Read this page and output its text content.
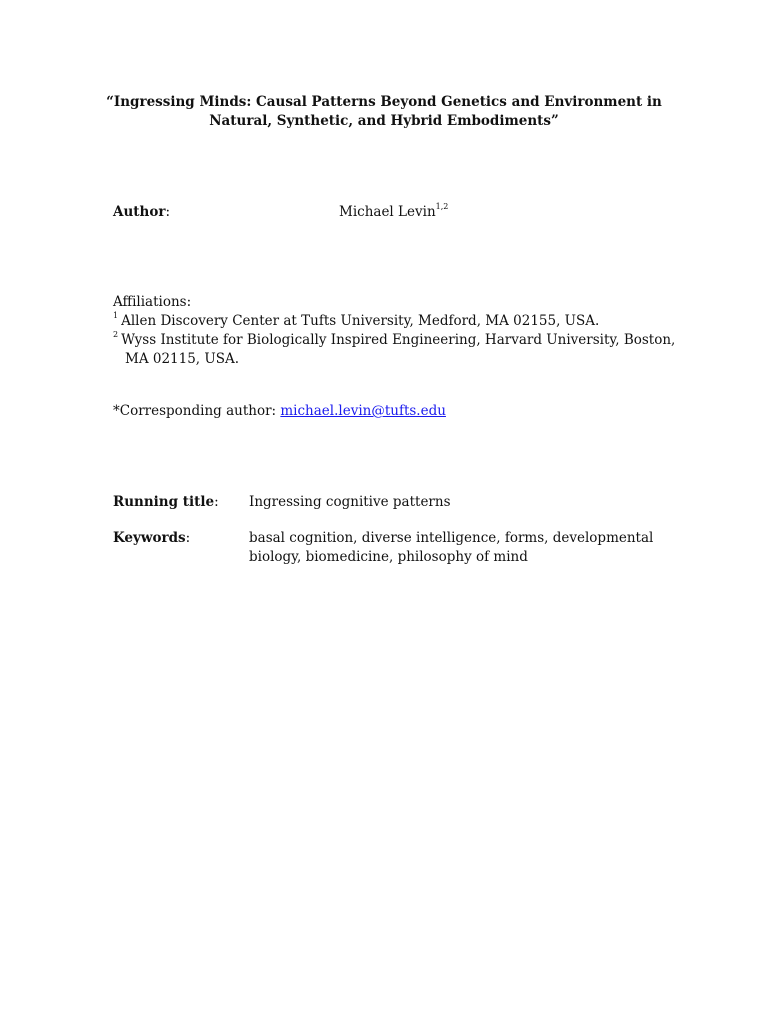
“Ingressing Minds: Causal Patterns Beyond Genetics and Environment in
Natural, Synthetic, and Hybrid Embodiments”
Author:	Michael Levin$^{1,2}$
Affiliations:
$^1$ Allen Discovery Center at Tufts University, Medford, MA 02155, USA.
$^2$ Wyss Institute for Biologically Inspired Engineering, Harvard University, Boston,
MA 02115, USA.
*Corresponding author: michael.levin@tufts.edu
Running title: Ingressing cognitive patterns
Keywords:	basal cognition, diverse intelligence, forms, developmental
biology, biomedicine, philosophy of mind
